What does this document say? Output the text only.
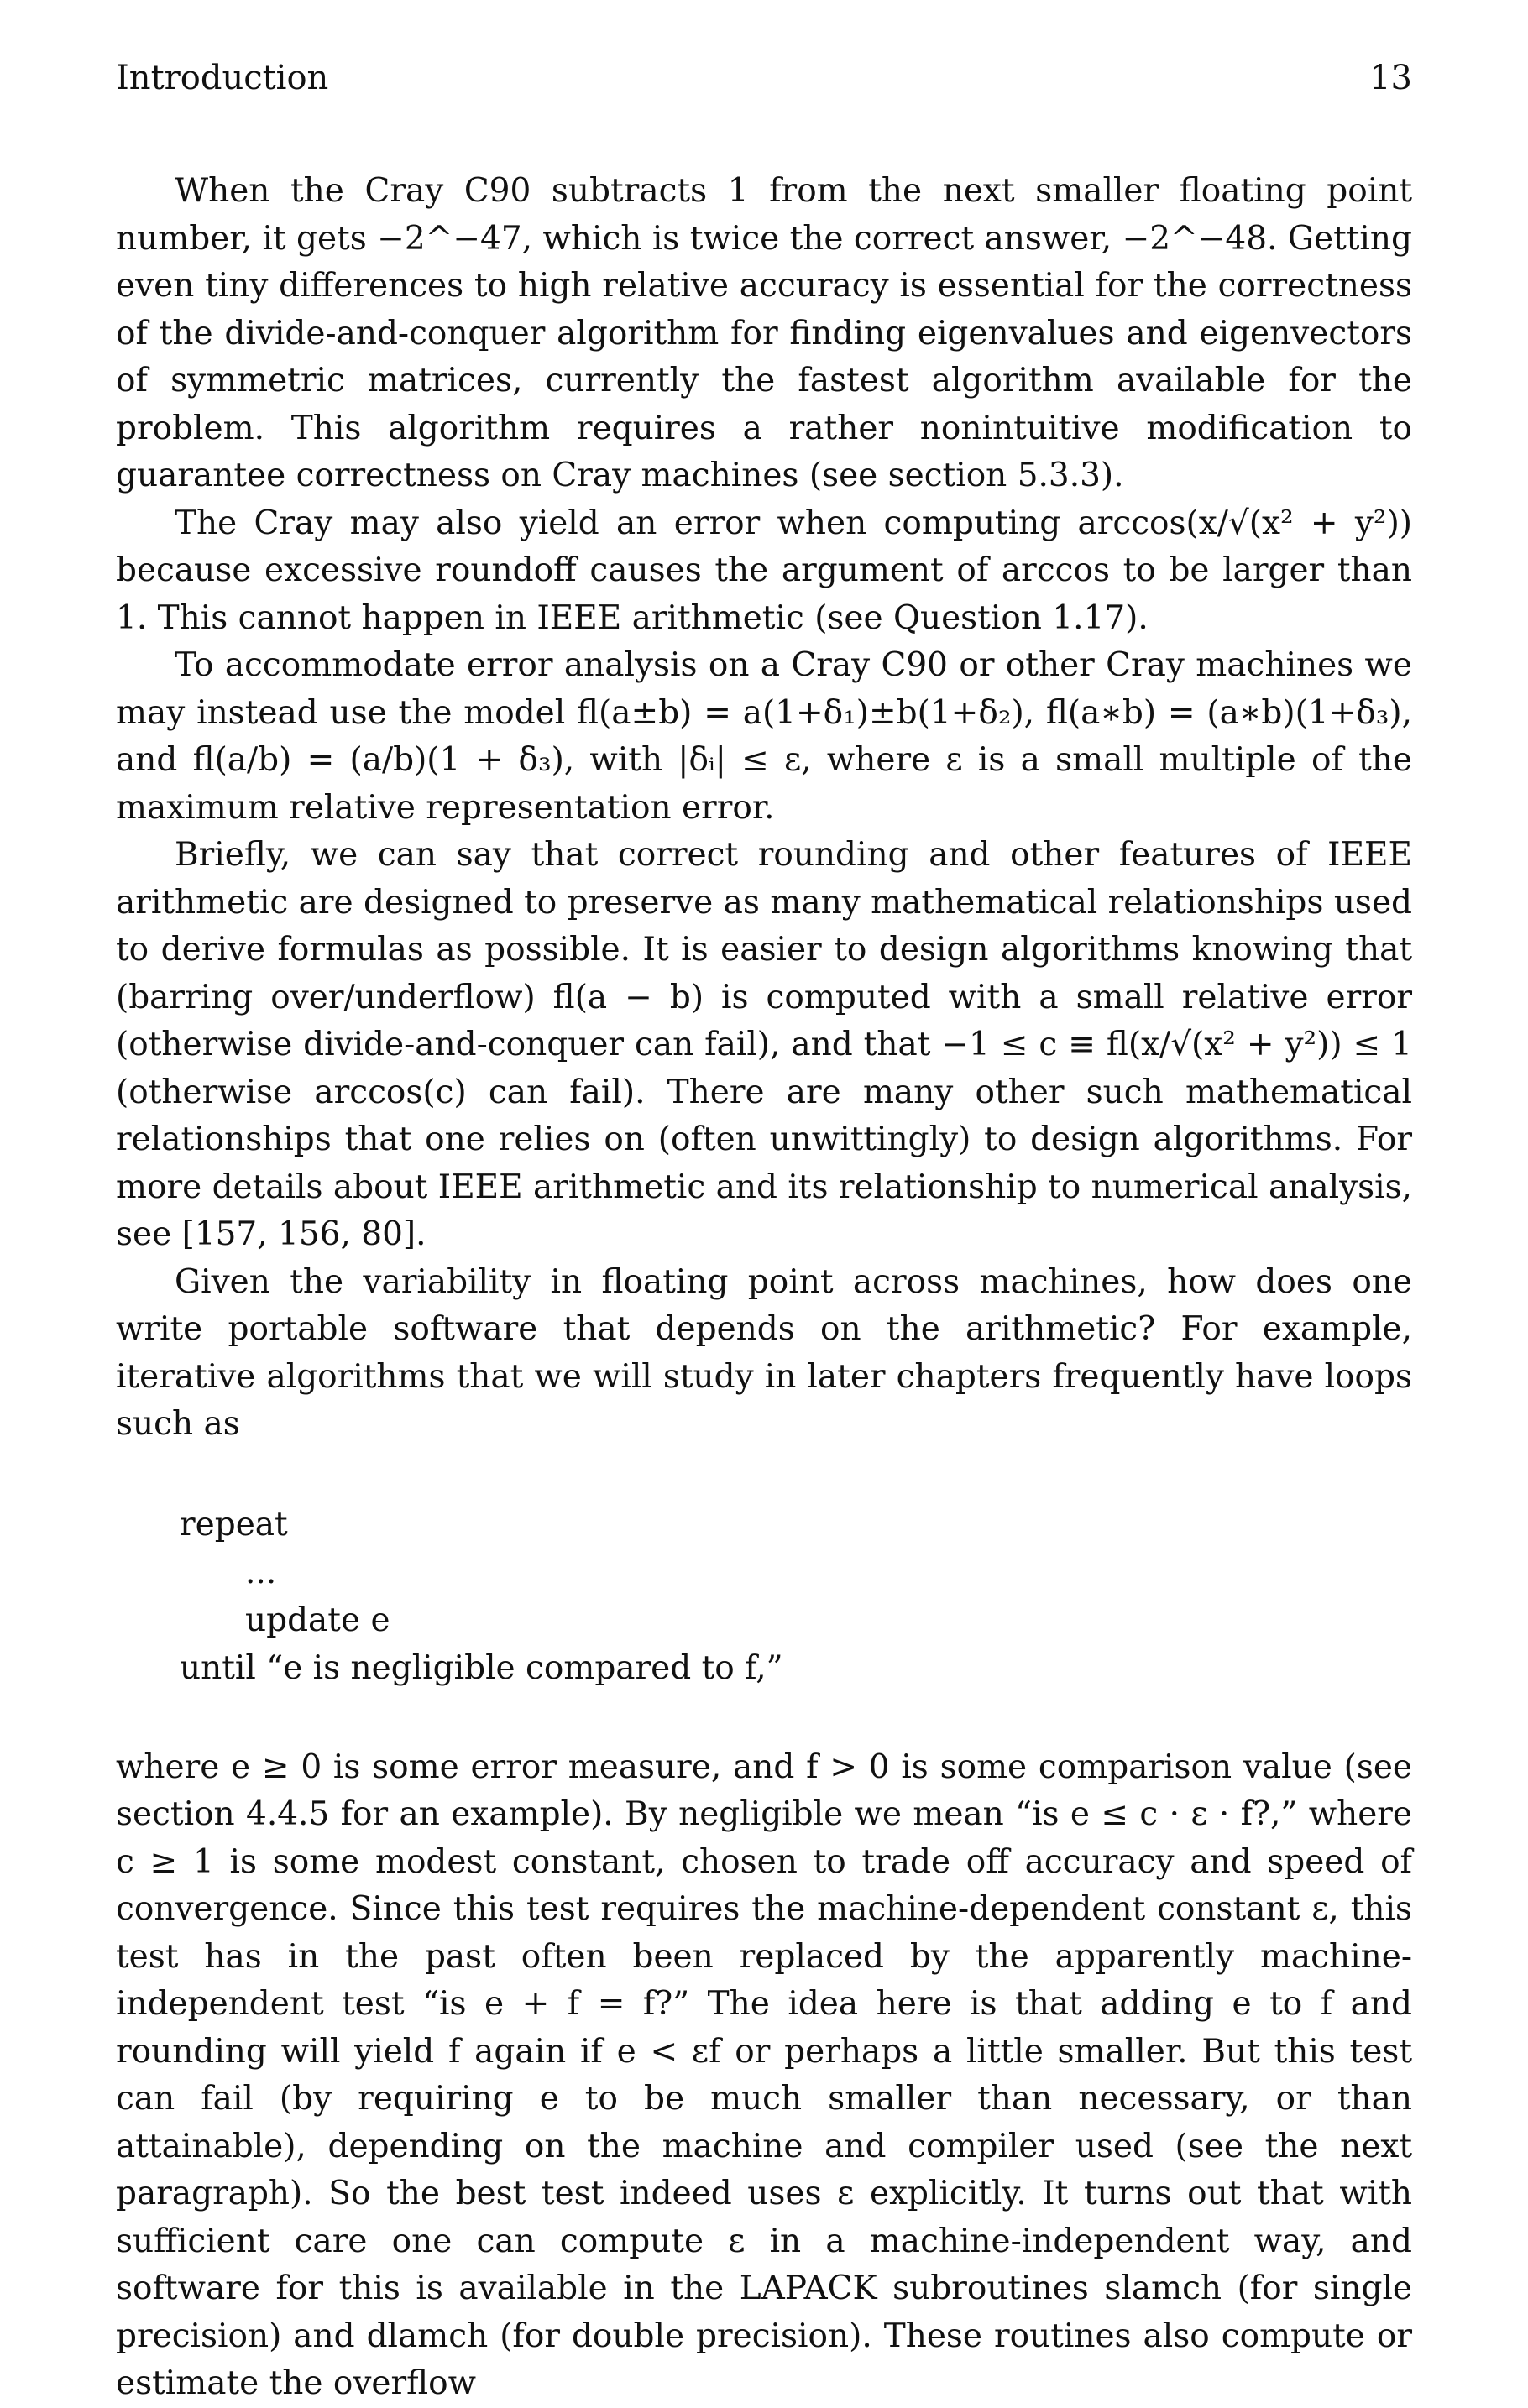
Introduction	13

When the Cray C90 subtracts 1 from the next smaller floating point number, it gets −2^−47, which is twice the correct answer, −2^−48. Getting even tiny differences to high relative accuracy is essential for the correctness of the divide-and-conquer algorithm for finding eigenvalues and eigenvectors of symmetric matrices, currently the fastest algorithm available for the problem. This algorithm requires a rather nonintuitive modification to guarantee correctness on Cray machines (see section 5.3.3).

The Cray may also yield an error when computing arccos(x/√(x² + y²)) because excessive roundoff causes the argument of arccos to be larger than 1. This cannot happen in IEEE arithmetic (see Question 1.17).

To accommodate error analysis on a Cray C90 or other Cray machines we may instead use the model fl(a±b) = a(1+δ₁)±b(1+δ₂), fl(a∗b) = (a∗b)(1+δ₃), and fl(a/b) = (a/b)(1 + δ₃), with |δᵢ| ≤ ε, where ε is a small multiple of the maximum relative representation error.

Briefly, we can say that correct rounding and other features of IEEE arithmetic are designed to preserve as many mathematical relationships used to derive formulas as possible. It is easier to design algorithms knowing that (barring over/underflow) fl(a − b) is computed with a small relative error (otherwise divide-and-conquer can fail), and that −1 ≤ c ≡ fl(x/√(x² + y²)) ≤ 1 (otherwise arccos(c) can fail). There are many other such mathematical relationships that one relies on (often unwittingly) to design algorithms. For more details about IEEE arithmetic and its relationship to numerical analysis, see [157, 156, 80].

Given the variability in floating point across machines, how does one write portable software that depends on the arithmetic? For example, iterative algorithms that we will study in later chapters frequently have loops such as

repeat
...
update e
until “e is negligible compared to f,”

where e ≥ 0 is some error measure, and f > 0 is some comparison value (see section 4.4.5 for an example). By negligible we mean “is e ≤ c · ε · f?,” where c ≥ 1 is some modest constant, chosen to trade off accuracy and speed of convergence. Since this test requires the machine-dependent constant ε, this test has in the past often been replaced by the apparently machine-independent test “is e + f = f?” The idea here is that adding e to f and rounding will yield f again if e < εf or perhaps a little smaller. But this test can fail (by requiring e to be much smaller than necessary, or than attainable), depending on the machine and compiler used (see the next paragraph). So the best test indeed uses ε explicitly. It turns out that with sufficient care one can compute ε in a machine-independent way, and software for this is available in the LAPACK subroutines slamch (for single precision) and dlamch (for double precision). These routines also compute or estimate the overflow
